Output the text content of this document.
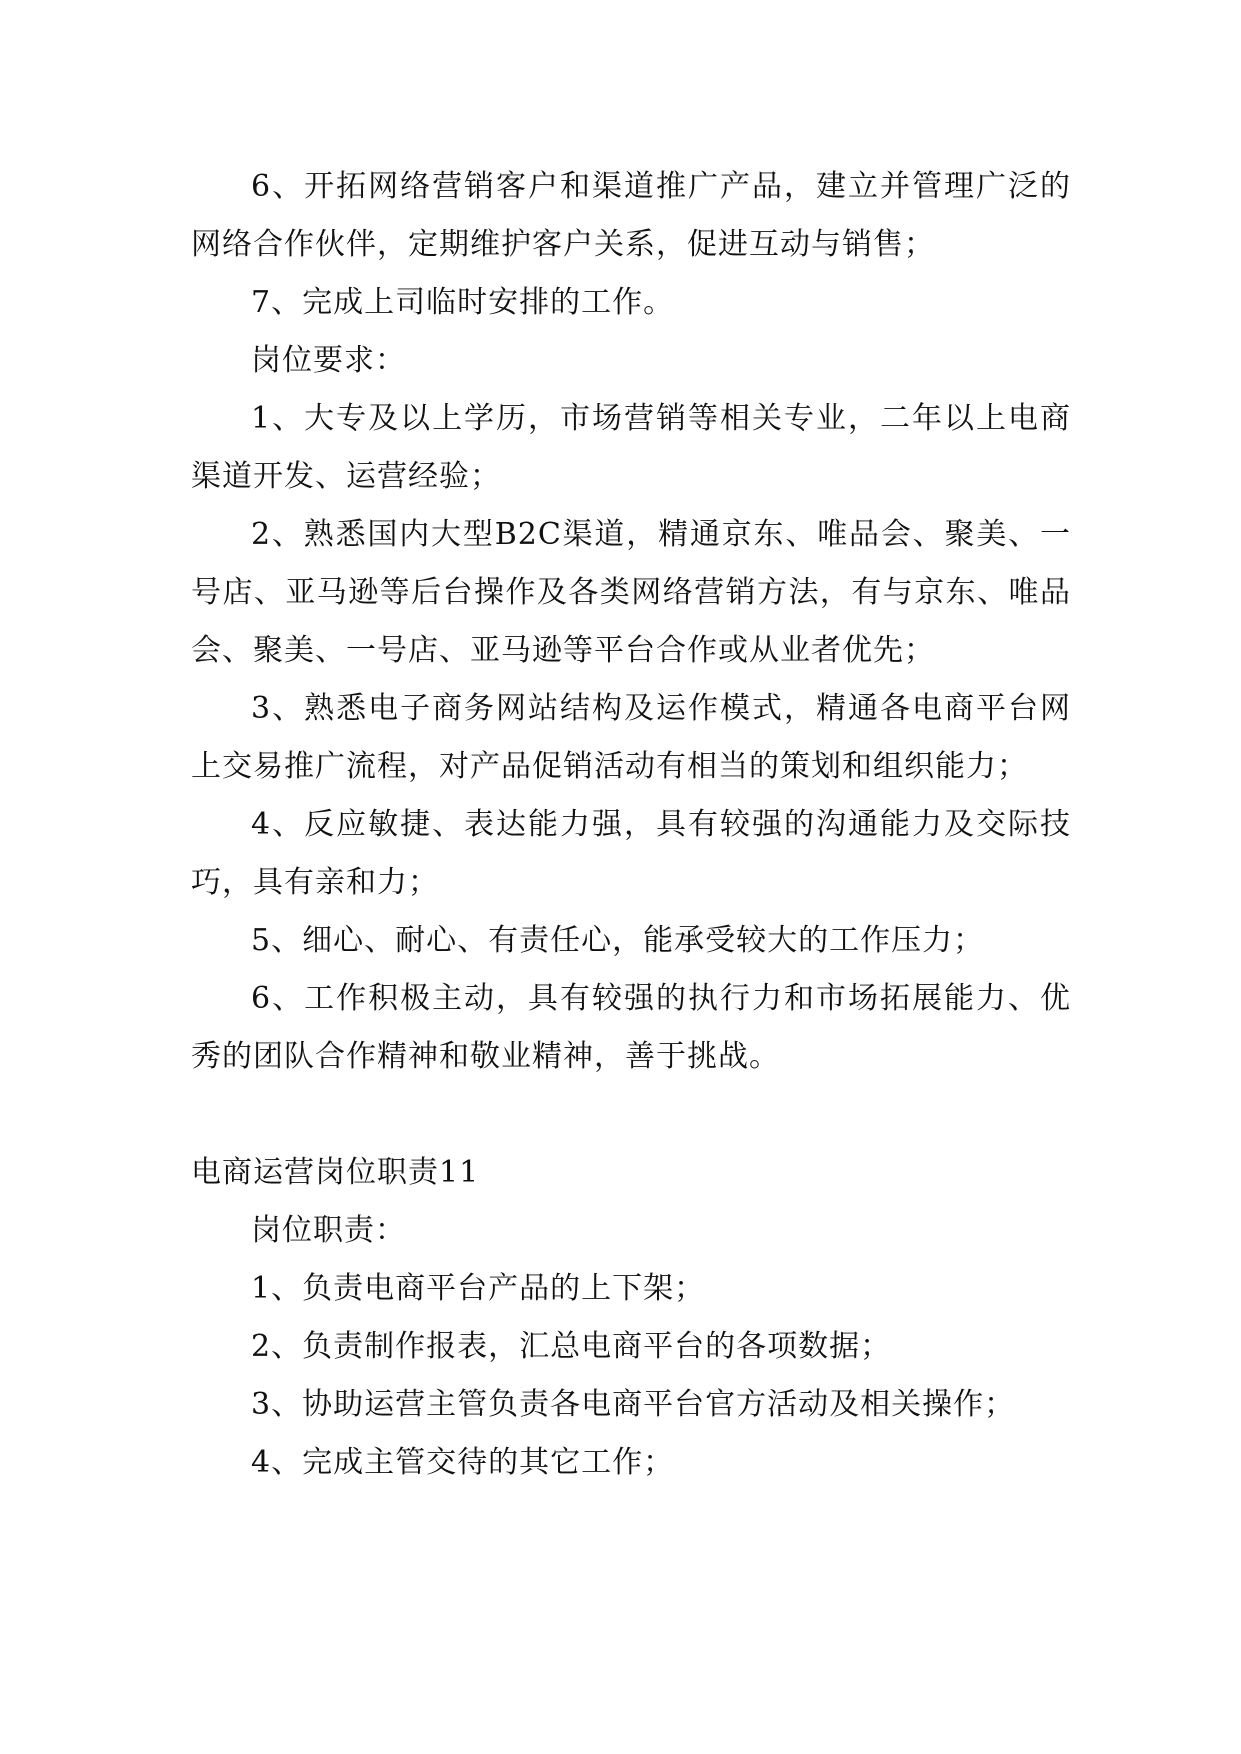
6、开拓网络营销客户和渠道推广产品，建立并管理广泛的网络合作伙伴，定期维护客户关系，促进互动与销售；

7、完成上司临时安排的工作。

岗位要求：

1、大专及以上学历，市场营销等相关专业，二年以上电商渠道开发、运营经验；

2、熟悉国内大型B2C渠道，精通京东、唯品会、聚美、一号店、亚马逊等后台操作及各类网络营销方法，有与京东、唯品会、聚美、一号店、亚马逊等平台合作或从业者优先；

3、熟悉电子商务网站结构及运作模式，精通各电商平台网上交易推广流程，对产品促销活动有相当的策划和组织能力；

4、反应敏捷、表达能力强，具有较强的沟通能力及交际技巧，具有亲和力；

5、细心、耐心、有责任心，能承受较大的工作压力；

6、工作积极主动，具有较强的执行力和市场拓展能力、优秀的团队合作精神和敬业精神，善于挑战。

电商运营岗位职责11

岗位职责：

1、负责电商平台产品的上下架；

2、负责制作报表，汇总电商平台的各项数据；

3、协助运营主管负责各电商平台官方活动及相关操作；

4、完成主管交待的其它工作；
